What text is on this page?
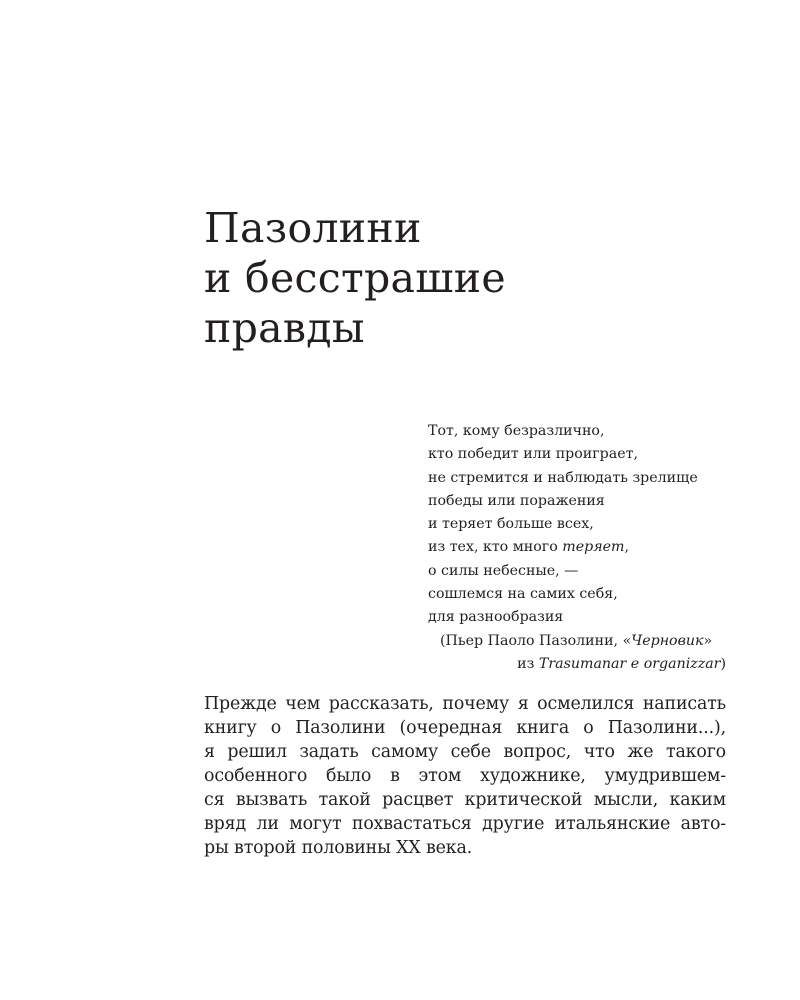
Пазолини
и бесстрашие
правды
Тот, кому безразлично,
кто победит или проиграет,
не стремится и наблюдать зрелище
победы или поражения
и теряет больше всех,
из тех, кто много теряет,
о силы небесные, —
сошлемся на самих себя,
для разнообразия
(Пьер Паоло Пазолини, «Черновик»
из Trasumanar e organizzar)
Прежде чем рассказать, почему я осмелился написать
книгу о Пазолини (очередная книга о Пазолини...),
я решил задать самому себе вопрос, что же такого
особенного было в этом художнике, умудрившем-
ся вызвать такой расцвет критической мысли, каким
вряд ли могут похвастаться другие итальянские авто-
ры второй половины XX века.
